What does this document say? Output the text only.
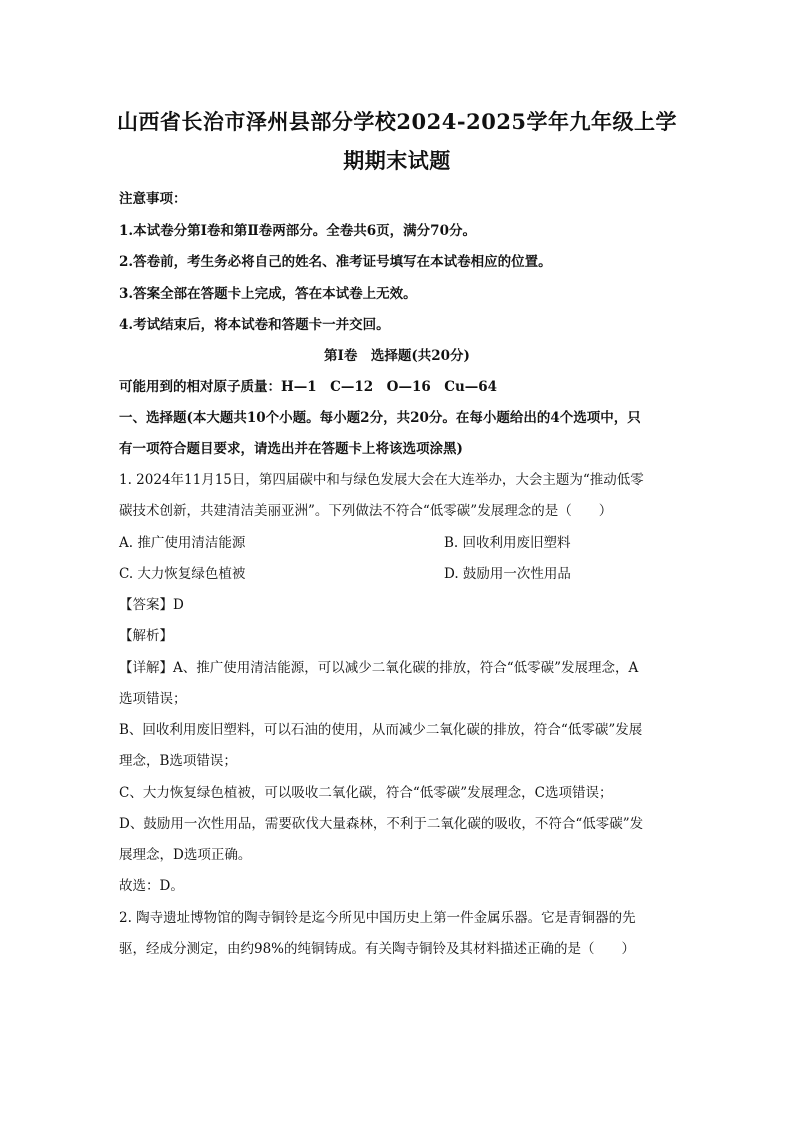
山西省长治市泽州县部分学校2024-2025学年九年级上学
期期末试题
注意事项：
1.本试卷分第Ⅰ卷和第Ⅱ卷两部分。全卷共6页，满分70分。
2.答卷前，考生务必将自己的姓名、准考证号填写在本试卷相应的位置。
3.答案全部在答题卡上完成，答在本试卷上无效。
4.考试结束后，将本试卷和答题卡一并交回。
第Ⅰ卷　选择题(共20分)
可能用到的相对原子质量：H—1　C—12　O—16　Cu—64
一、选择题(本大题共10个小题。每小题2分，共20分。在每小题给出的4个选项中，只
有一项符合题目要求，请选出并在答题卡上将该选项涂黑)
1. 2024年11月15日，第四届碳中和与绿色发展大会在大连举办，大会主题为“推动低零
碳技术创新，共建清洁美丽亚洲”。下列做法不符合“低零碳”发展理念的是（　　）
A. 推广使用清洁能源	B. 回收利用废旧塑料
C. 大力恢复绿色植被	D. 鼓励用一次性用品
【答案】D
【解析】
【详解】A、推广使用清洁能源，可以减少二氧化碳的排放，符合“低零碳”发展理念，A
选项错误；
B、回收利用废旧塑料，可以石油的使用，从而减少二氧化碳的排放，符合“低零碳”发展
理念，B选项错误；
C、大力恢复绿色植被，可以吸收二氧化碳，符合“低零碳”发展理念，C选项错误；
D、鼓励用一次性用品，需要砍伐大量森林，不利于二氧化碳的吸收，不符合“低零碳”发
展理念，D选项正确。
故选：D。
2. 陶寺遗址博物馆的陶寺铜铃是迄今所见中国历史上第一件金属乐器。它是青铜器的先
驱，经成分测定，由约98%的纯铜铸成。有关陶寺铜铃及其材料描述正确的是（　　）
